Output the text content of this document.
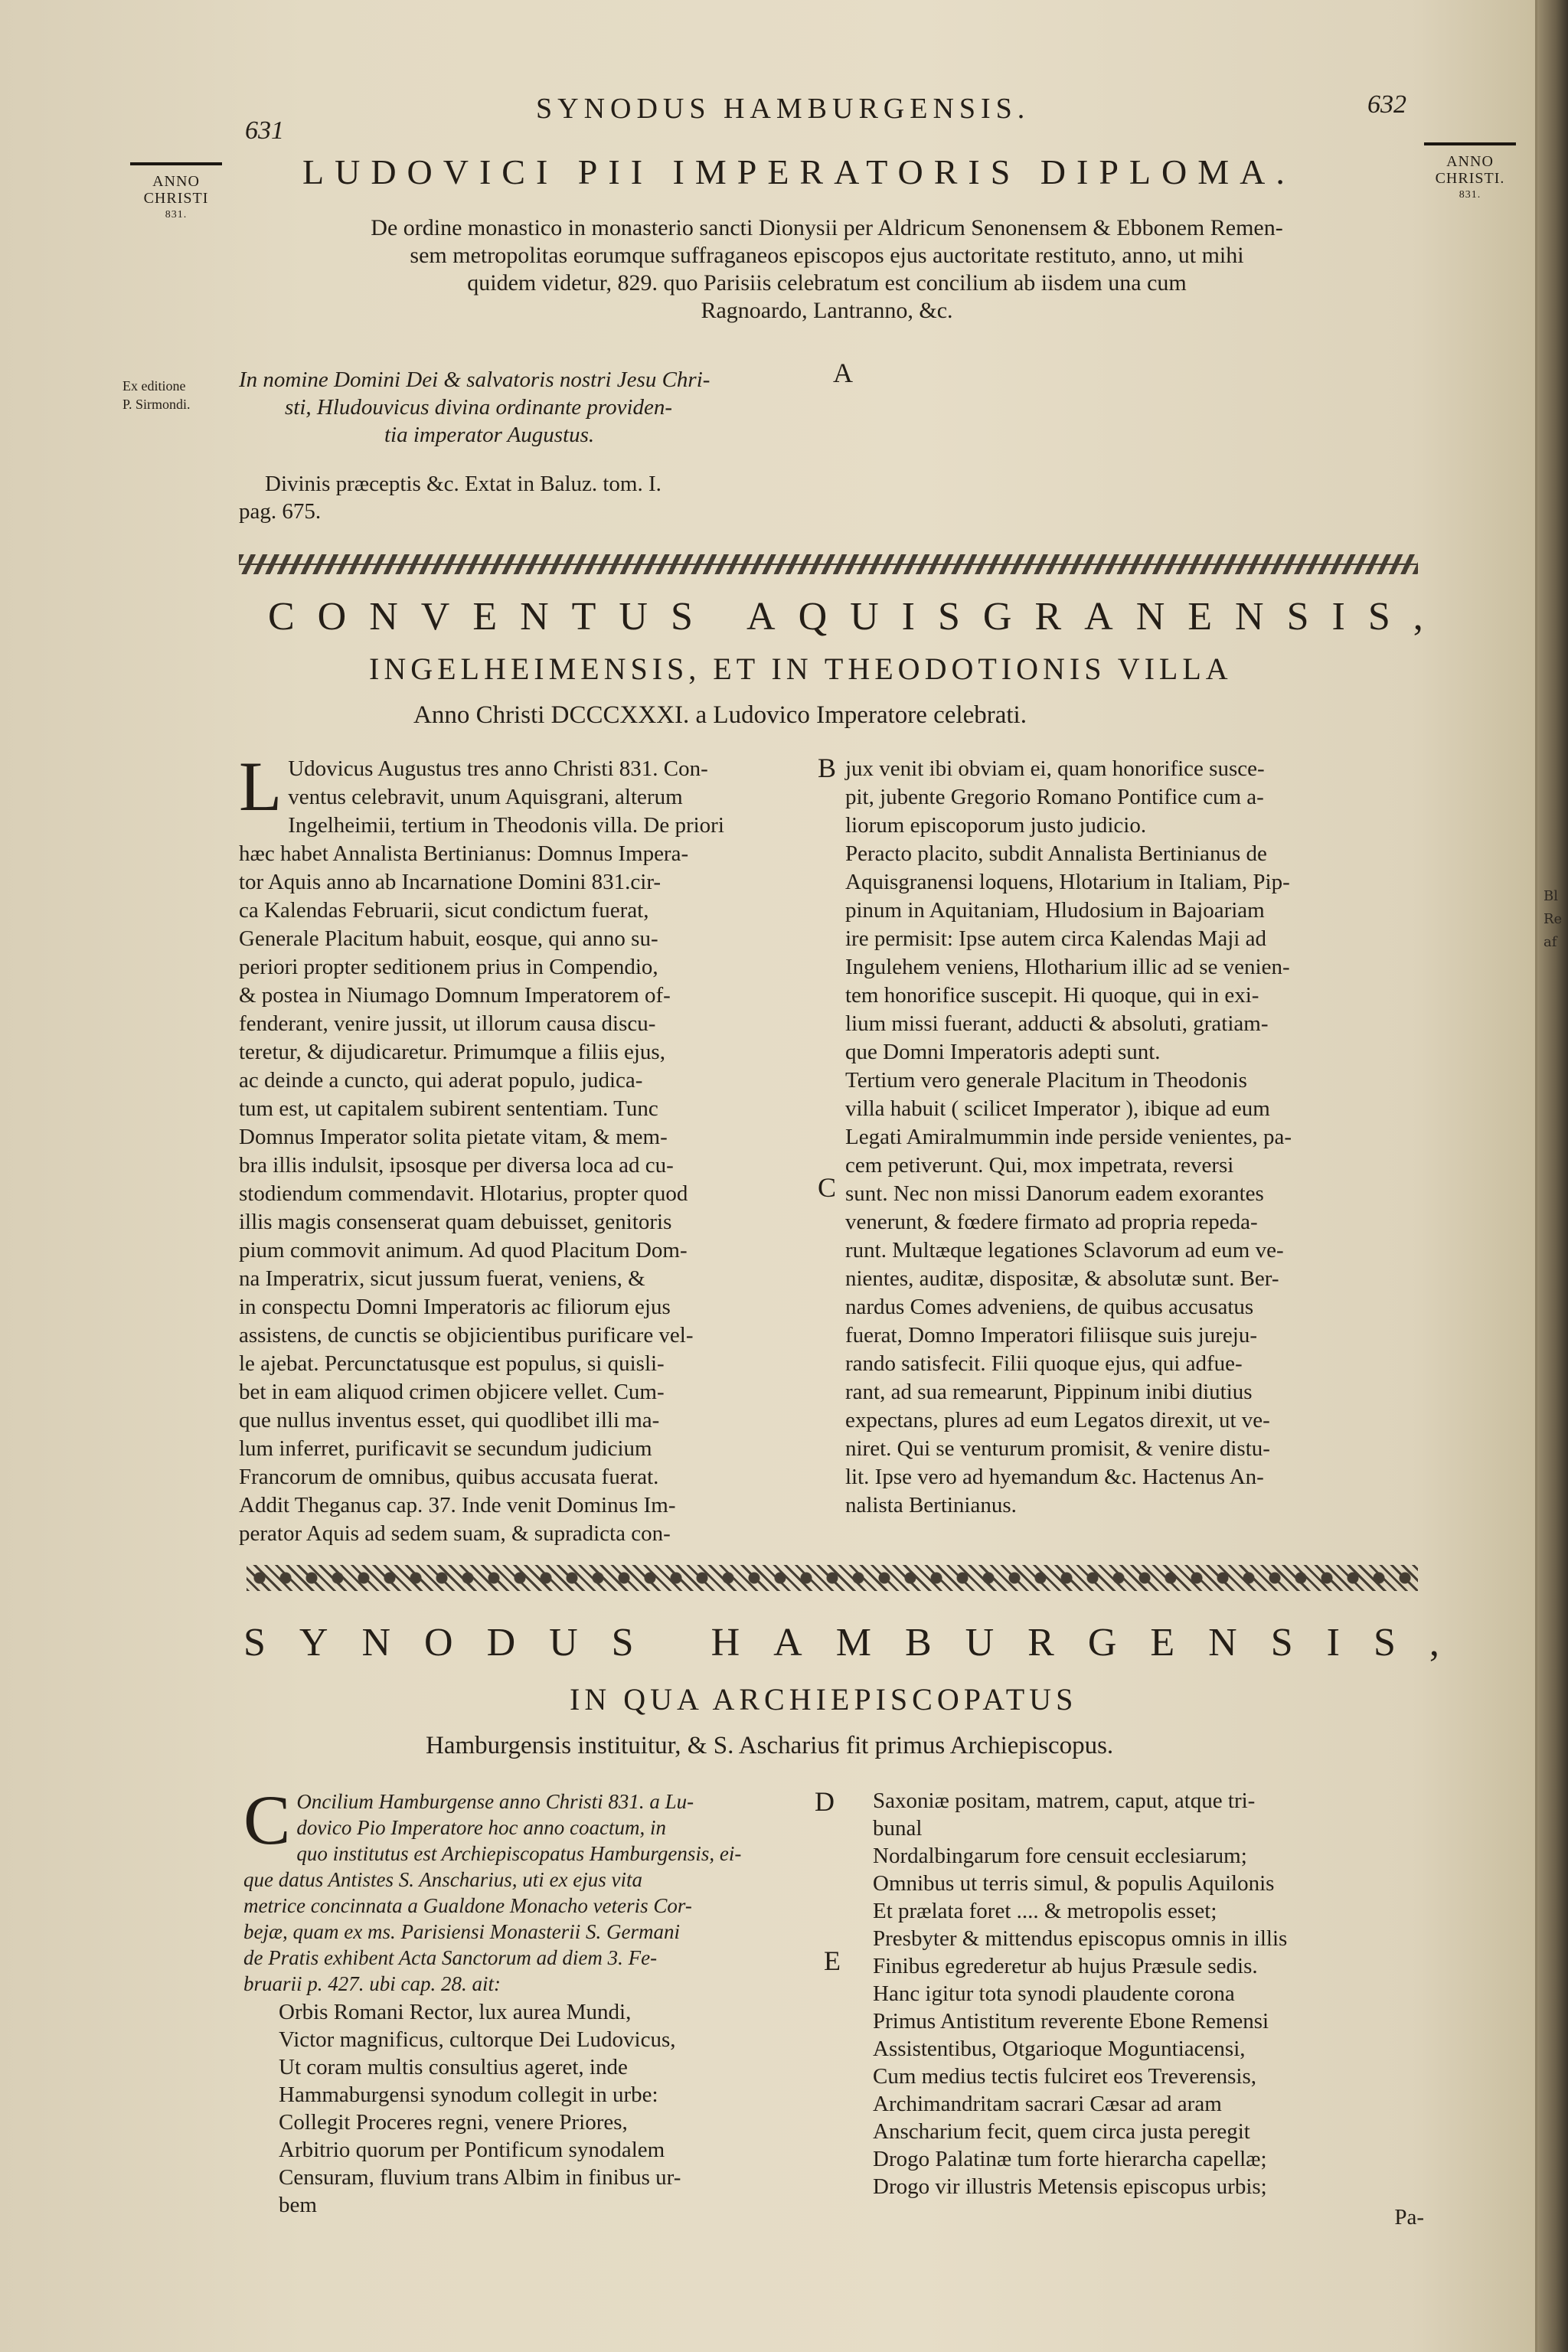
631
SYNODUS HAMBURGENSIS.	632
ANNO
CHRISTI
831.
ANNO
CHRISTI.
831.
LUDOVICI PII IMPERATORIS DIPLOMA.
De ordine monastico in monasterio sancti Dionysii per Aldricum Senonensem & Ebbonem Remen-
sem metropolitas eorumque suffraganeos episcopos ejus auctoritate restituto, anno, ut mihi
quidem videtur, 829. quo Parisiis celebratum est concilium ab iisdem una cum
Ragnoardo, Lantranno, &c.
Ex editione
P. Sirmondi.
In nomine Domini Dei & salvatoris nostri Jesu Chri-
sti, Hludouvicus divina ordinante providen-
tia imperator Augustus.
A
Divinis præceptis &c. Extat in Baluz. tom. I.
pag. 675.
CONVENTUS AQUISGRANENSIS,
INGELHEIMENSIS, ET IN THEODOTIONIS VILLA
Anno Christi DCCCXXXI. a Ludovico Imperatore celebrati.
L Udovicus Augustus tres anno Christi 831. Con-
ventus celebravit, unum Aquisgrani, alterum
Ingelheimii, tertium in Theodonis villa. De priori
hæc habet Annalista Bertinianus: Domnus Impera-
tor Aquis anno ab Incarnatione Domini 831.cir-
ca Kalendas Februarii, sicut condictum fuerat,
Generale Placitum habuit, eosque, qui anno su-
periori propter seditionem prius in Compendio,
& postea in Niumago Domnum Imperatorem of-
fenderant, venire jussit, ut illorum causa discu-
teretur, & dijudicaretur. Primumque a filiis ejus,
ac deinde a cuncto, qui aderat populo, judica-
tum est, ut capitalem subirent sententiam. Tunc
Domnus Imperator solita pietate vitam, & mem-
bra illis indulsit, ipsosque per diversa loca ad cu-
stodiendum commendavit. Hlotarius, propter quod
illis magis consenserat quam debuisset, genitoris
pium commovit animum. Ad quod Placitum Dom-
na Imperatrix, sicut jussum fuerat, veniens, &
in conspectu Domni Imperatoris ac filiorum ejus
assistens, de cunctis se objicientibus purificare vel-
le ajebat. Percunctatusque est populus, si quisli-
bet in eam aliquod crimen objicere vellet. Cum-
que nullus inventus esset, qui quodlibet illi ma-
lum inferret, purificavit se secundum judicium
Francorum de omnibus, quibus accusata fuerat.
Addit Theganus cap. 37. Inde venit Dominus Im-
perator Aquis ad sedem suam, & supradicta con-
B
C
jux venit ibi obviam ei, quam honorifice susce-
pit, jubente Gregorio Romano Pontifice cum a-
liorum episcoporum justo judicio.
Peracto placito, subdit Annalista Bertinianus de
Aquisgranensi loquens, Hlotarium in Italiam, Pip-
pinum in Aquitaniam, Hludosium in Bajoariam
ire permisit: Ipse autem circa Kalendas Maji ad
Ingulehem veniens, Hlotharium illic ad se venien-
tem honorifice suscepit. Hi quoque, qui in exi-
lium missi fuerant, adducti & absoluti, gratiam-
que Domni Imperatoris adepti sunt.
Tertium vero generale Placitum in Theodonis
villa habuit ( scilicet Imperator ), ibique ad eum
Legati Amiralmummin inde perside venientes, pa-
cem petiverunt. Qui, mox impetrata, reversi
sunt. Nec non missi Danorum eadem exorantes
venerunt, & fœdere firmato ad propria repeda-
runt. Multæque legationes Sclavorum ad eum ve-
nientes, auditæ, dispositæ, & absolutæ sunt. Ber-
nardus Comes adveniens, de quibus accusatus
fuerat, Domno Imperatori filiisque suis jureju-
rando satisfecit. Filii quoque ejus, qui adfue-
rant, ad sua remearunt, Pippinum inibi diutius
expectans, plures ad eum Legatos direxit, ut ve-
niret. Qui se venturum promisit, & venire distu-
lit. Ipse vero ad hyemandum &c. Hactenus An-
nalista Bertinianus.
SYNODUS HAMBURGENSIS,
IN QUA ARCHIEPISCOPATUS
Hamburgensis instituitur, & S. Ascharius fit primus Archiepiscopus.
C Oncilium Hamburgense anno Christi 831. a Lu-
dovico Pio Imperatore hoc anno coactum, in
quo institutus est Archiepiscopatus Hamburgensis, ei-
que datus Antistes S. Anscharius, uti ex ejus vita
metrice concinnata a Gualdone Monacho veteris Cor-
bejæ, quam ex ms. Parisiensi Monasterii S. Germani
de Pratis exhibent Acta Sanctorum ad diem 3. Fe-
bruarii p. 427. ubi cap. 28. ait:
Orbis Romani Rector, lux aurea Mundi,
Victor magnificus, cultorque Dei Ludovicus,
Ut coram multis consultius ageret, inde
Hammaburgensi synodum collegit in urbe:
Collegit Proceres regni, venere Priores,
Arbitrio quorum per Pontificum synodalem
Censuram, fluvium trans Albim in finibus ur-
bem
D
E
Saxoniæ positam, matrem, caput, atque tri-
bunal
Nordalbingarum fore censuit ecclesiarum;
Omnibus ut terris simul, & populis Aquilonis
Et prælata foret .... & metropolis esset;
Presbyter & mittendus episcopus omnis in illis
Finibus egrederetur ab hujus Præsule sedis.
Hanc igitur tota synodi plaudente corona
Primus Antistitum reverente Ebone Remensi
Assistentibus, Otgarioque Moguntiacensi,
Cum medius tectis fulciret eos Treverensis,
Archimandritam sacrari Cæsar ad aram
Anscharium fecit, quem circa justa peregit
Drogo Palatinæ tum forte hierarcha capellæ;
Drogo vir illustris Metensis episcopus urbis;
Pa-
Bl
Re
af
